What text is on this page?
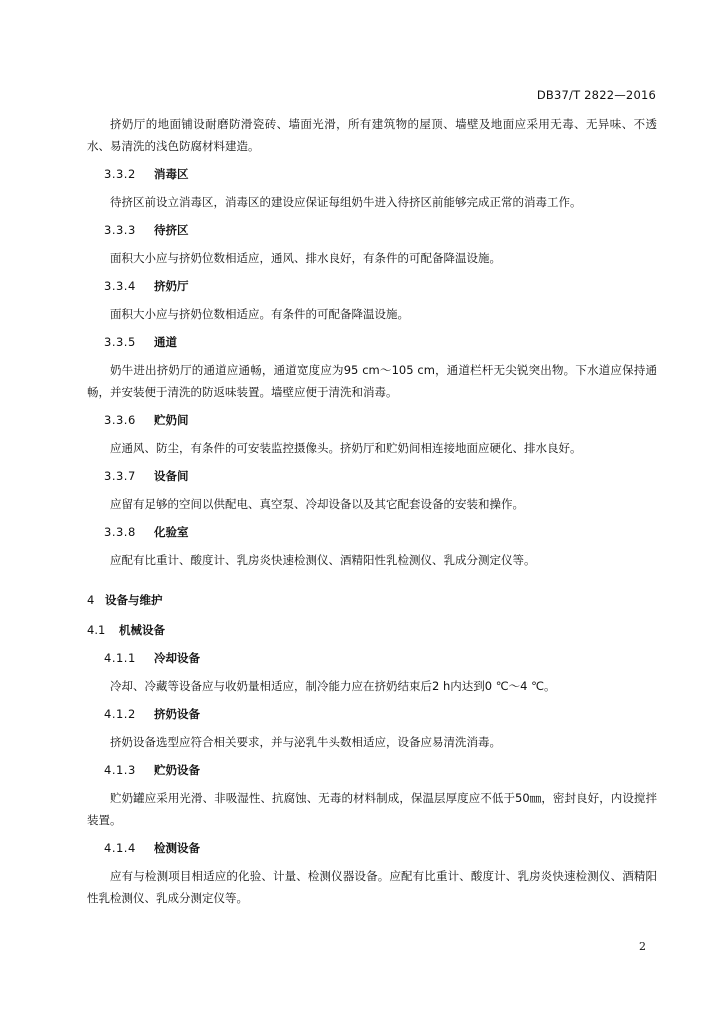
DB37/T 2822—2016

挤奶厅的地面铺设耐磨防滑瓷砖、墙面光滑，所有建筑物的屋顶、墙壁及地面应采用无毒、无异味、不透水、易清洗的浅色防腐材料建造。

3.3.2 消毒区

待挤区前设立消毒区，消毒区的建设应保证每组奶牛进入待挤区前能够完成正常的消毒工作。

3.3.3 待挤区

面积大小应与挤奶位数相适应，通风、排水良好，有条件的可配备降温设施。

3.3.4 挤奶厅

面积大小应与挤奶位数相适应。有条件的可配备降温设施。

3.3.5 通道

奶牛进出挤奶厅的通道应通畅，通道宽度应为95 cm～105 cm，通道栏杆无尖锐突出物。下水道应保持通畅，并安装便于清洗的防返味装置。墙壁应便于清洗和消毒。

3.3.6 贮奶间

应通风、防尘，有条件的可安装监控摄像头。挤奶厅和贮奶间相连接地面应硬化、排水良好。

3.3.7 设备间

应留有足够的空间以供配电、真空泵、冷却设备以及其它配套设备的安装和操作。

3.3.8 化验室

应配有比重计、酸度计、乳房炎快速检测仪、酒精阳性乳检测仪、乳成分测定仪等。

4 设备与维护
4.1 机械设备
4.1.1 冷却设备

冷却、冷藏等设备应与收奶量相适应，制冷能力应在挤奶结束后2 h内达到0 ℃～4 ℃。

4.1.2 挤奶设备

挤奶设备选型应符合相关要求，并与泌乳牛头数相适应，设备应易清洗消毒。

4.1.3 贮奶设备

贮奶罐应采用光滑、非吸湿性、抗腐蚀、无毒的材料制成，保温层厚度应不低于50㎜，密封良好，内设搅拌装置。

4.1.4 检测设备

应有与检测项目相适应的化验、计量、检测仪器设备。应配有比重计、酸度计、乳房炎快速检测仪、酒精阳性乳检测仪、乳成分测定仪等。

2
